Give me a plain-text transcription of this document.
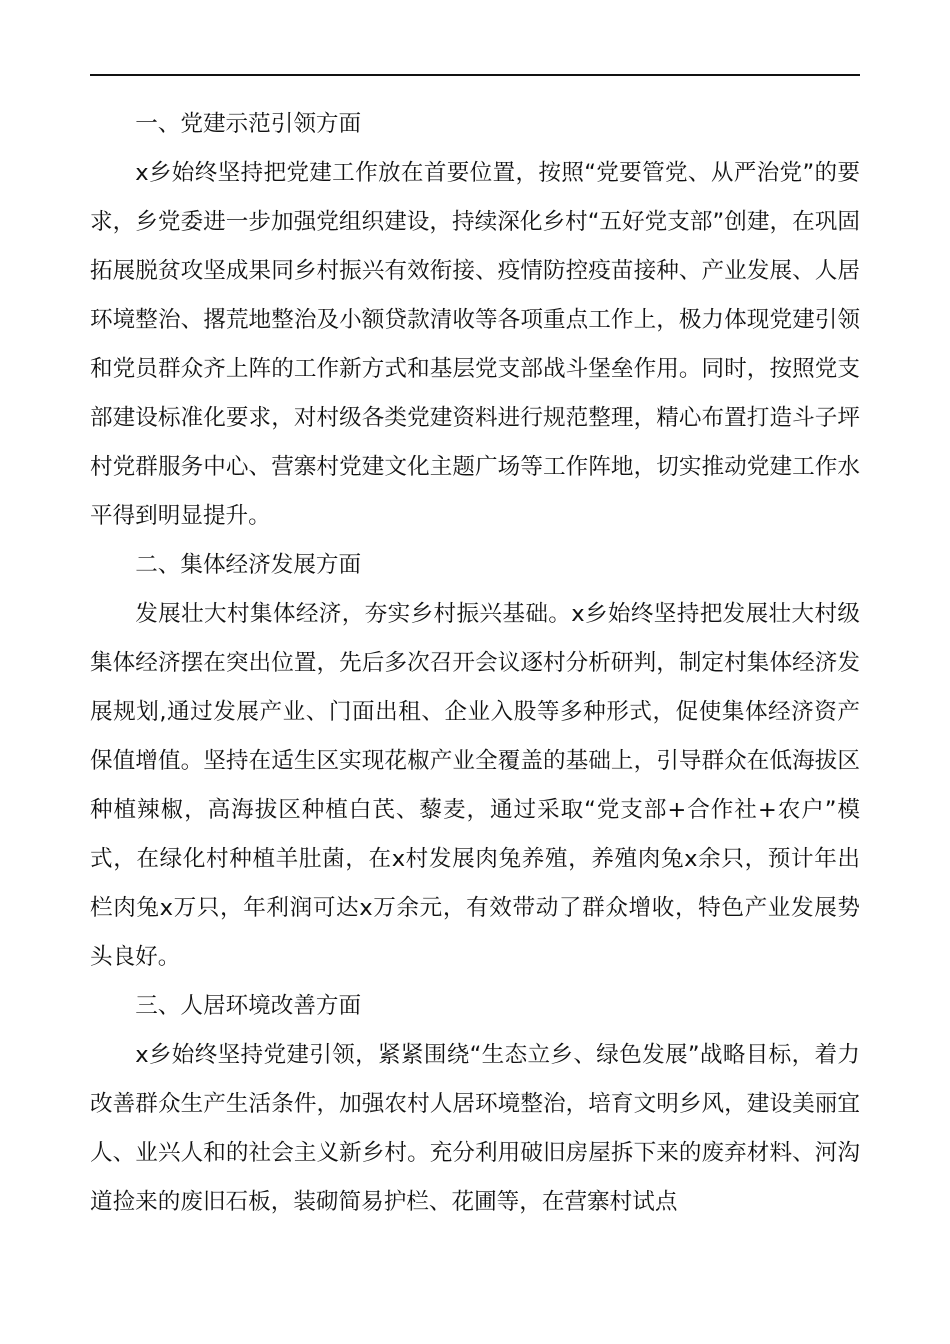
一、党建示范引领方面

x乡始终坚持把党建工作放在首要位置，按照“党要管党、从严治党”的要求，乡党委进一步加强党组织建设，持续深化乡村“五好党支部”创建，在巩固拓展脱贫攻坚成果同乡村振兴有效衔接、疫情防控疫苗接种、产业发展、人居环境整治、撂荒地整治及小额贷款清收等各项重点工作上，极力体现党建引领和党员群众齐上阵的工作新方式和基层党支部战斗堡垒作用。同时，按照党支部建设标准化要求，对村级各类党建资料进行规范整理，精心布置打造斗子坪村党群服务中心、营寨村党建文化主题广场等工作阵地，切实推动党建工作水平得到明显提升。

二、集体经济发展方面

发展壮大村集体经济，夯实乡村振兴基础。x乡始终坚持把发展壮大村级集体经济摆在突出位置，先后多次召开会议逐村分析研判，制定村集体经济发展规划,通过发展产业、门面出租、企业入股等多种形式，促使集体经济资产保值增值。坚持在适生区实现花椒产业全覆盖的基础上，引导群众在低海拔区种植辣椒，高海拔区种植白芪、藜麦，通过采取“党支部+合作社+农户”模式，在绿化村种植羊肚菌，在x村发展肉兔养殖，养殖肉兔x余只，预计年出栏肉兔x万只，年利润可达x万余元，有效带动了群众增收，特色产业发展势头良好。

三、人居环境改善方面

x乡始终坚持党建引领，紧紧围绕“生态立乡、绿色发展”战略目标，着力改善群众生产生活条件，加强农村人居环境整治，培育文明乡风，建设美丽宜人、业兴人和的社会主义新乡村。充分利用破旧房屋拆下来的废弃材料、河沟道捡来的废旧石板，装砌简易护栏、花圃等，在营寨村试点
